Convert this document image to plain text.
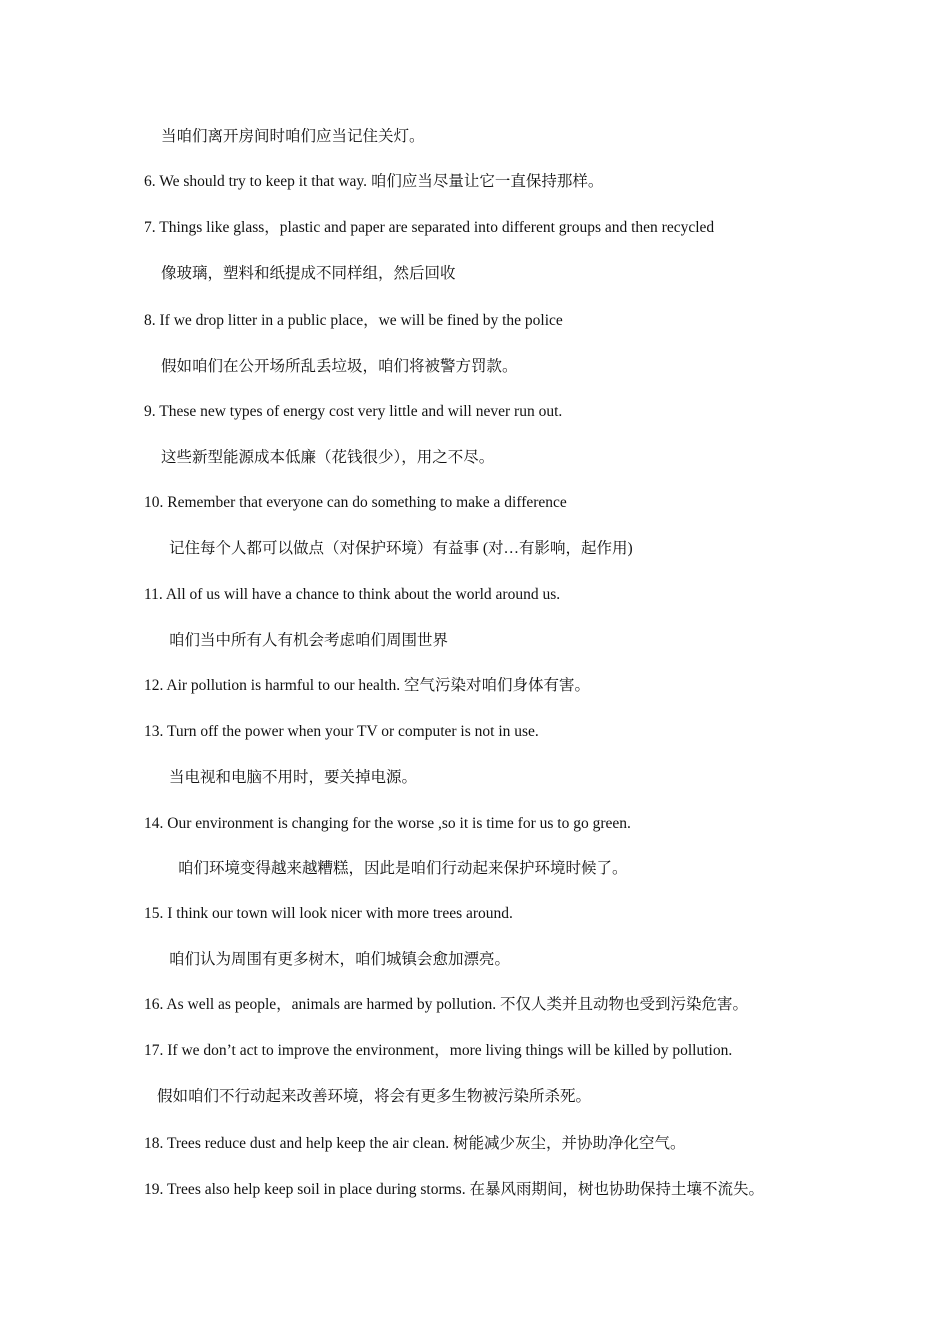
当咱们离开房间时咱们应当记住关灯。
6. We should try to keep it that way. 咱们应当尽量让它一直保持那样。
7. Things like glass，plastic and paper are separated into different groups and then recycled
像玻璃，塑料和纸提成不同样组，然后回收
8. If we drop litter in a public place，we will be fined by the police
假如咱们在公开场所乱丢垃圾，咱们将被警方罚款。
9. These new types of energy cost very little and will never run out.
这些新型能源成本低廉（花钱很少），用之不尽。
10. Remember that everyone can do something to make a difference
记住每个人都可以做点（对保护环境）有益事 (对…有影响，起作用)
11. All of us will have a chance to think about the world around us.
咱们当中所有人有机会考虑咱们周围世界
12. Air pollution is harmful to our health. 空气污染对咱们身体有害。
13. Turn off the power when your TV or computer is not in use.
当电视和电脑不用时，要关掉电源。
14. Our environment is changing for the worse ,so it is time for us to go green.
咱们环境变得越来越糟糕，因此是咱们行动起来保护环境时候了。
15. I think our town will look nicer with more trees around.
咱们认为周围有更多树木，咱们城镇会愈加漂亮。
16. As well as people，animals are harmed by pollution. 不仅人类并且动物也受到污染危害。
17. If we don’t act to improve the environment，more living things will be killed by pollution.
假如咱们不行动起来改善环境，将会有更多生物被污染所杀死。
18. Trees reduce dust and help keep the air clean. 树能减少灰尘，并协助净化空气。
19. Trees also help keep soil in place during storms. 在暴风雨期间，树也协助保持土壤不流失。
